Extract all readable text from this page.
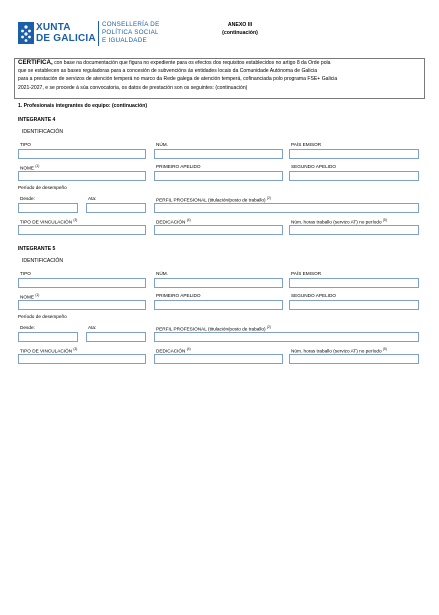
XUNTA
DE GALICIA
CONSELLERÍA DE
POLÍTICA SOCIAL
E IGUALDADE
ANEXO III
(continuación)
CERTIFICA, con base na documentación que figura no expediente para os efectos dos requisitos establecidos no artigo 8 da Orde pola
que se establecen as bases reguladoras para a concesión de subvencións ás entidades locais da Comunidade Autónoma de Galicia
para a prestación de servizos de atención temperá no marco da Rede galega de atención temperá, cofinanciada polo programa FSE+ Galicia
2021-2027, e se procede á súa convocatoria, os datos de prestación son os seguintes: (continuación)
1. Profesionais integrantes do equipo: (continuación)
INTEGRANTE 4
IDENTIFICACIÓN
TIPO	NÚM.	PAÍS EMISOR
NOME $^{(1)}$	PRIMEIRO APELIDO	SEGUNDO APELIDO
Período de desempeño
Desde:	Ata:	PERFIL PROFESIONAL (titulación/posto de traballo) $^{(2)}$
TIPO DE VINCULACIÓN $^{(3)}$	DEDICACIÓN $^{(4)}$	Núm. horas traballo (servizo AT) no período $^{(5)}$
INTEGRANTE 5
IDENTIFICACIÓN
TIPO	NÚM.	PAÍS EMISOR
NOME $^{(1)}$	PRIMEIRO APELIDO	SEGUNDO APELIDO
Período de desempeño
Desde:	Ata:	PERFIL PROFESIONAL (titulación/posto de traballo) $^{(2)}$
TIPO DE VINCULACIÓN $^{(3)}$	DEDICACIÓN $^{(4)}$	Núm. horas traballo (servizo AT) no período $^{(5)}$
